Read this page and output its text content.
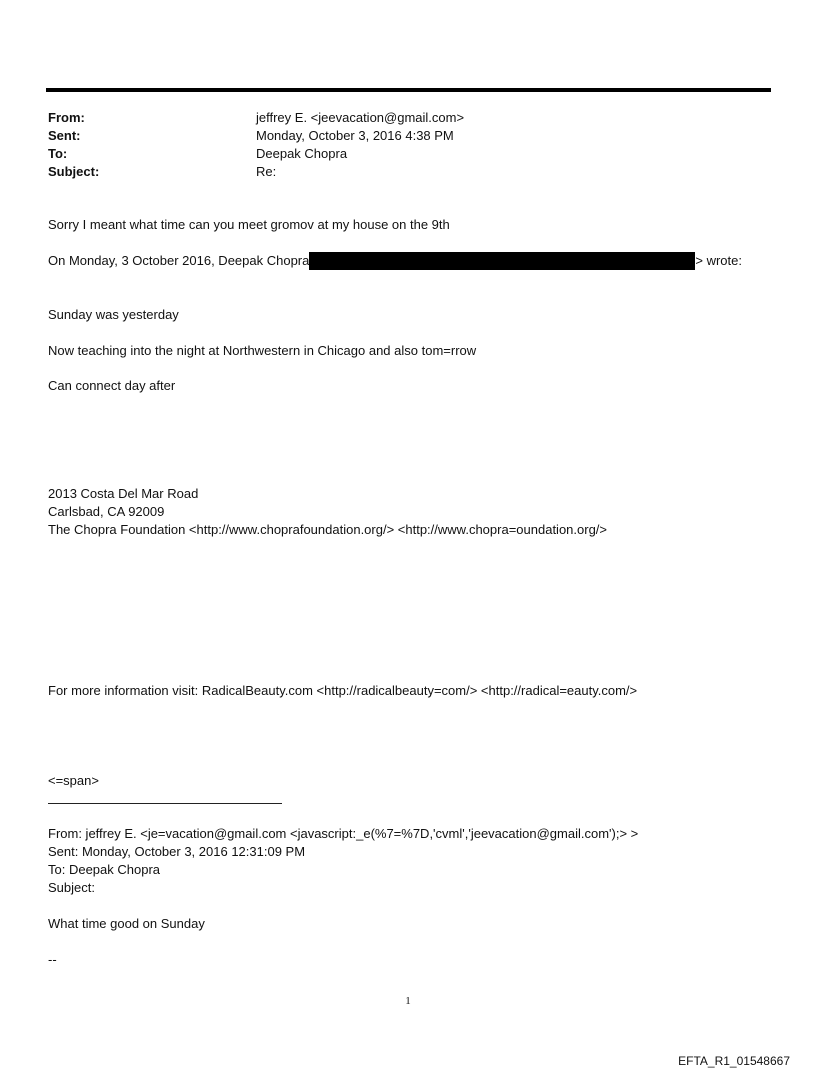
From:	jeffrey E. <jeevacation@gmail.com>
Sent:	Monday, October 3, 2016 4:38 PM
To:	Deepak Chopra
Subject:	Re:
Sorry I meant what time can you meet gromov at my house on the 9th
On Monday, 3 October 2016, Deepak Chopra	> wrote:
Sunday was yesterday
Now teaching into the night at Northwestern in Chicago and also tom=rrow
Can connect day after
2013 Costa Del Mar Road
Carlsbad, CA 92009
The Chopra Foundation <http://www.choprafoundation.org/> <http://www.chopra=oundation.org/>
For more information visit: RadicalBeauty.com <http://radicalbeauty=com/> <http://radical=eauty.com/>
<=span>
From: jeffrey E. <je=vacation@gmail.com <javascript:_e(%7=%7D,'cvml','jeevacation@gmail.com');> >
Sent: Monday, October 3, 2016 12:31:09 PM
To: Deepak Chopra
Subject:
What time good on Sunday
--
1
EFTA_R1_01548667
